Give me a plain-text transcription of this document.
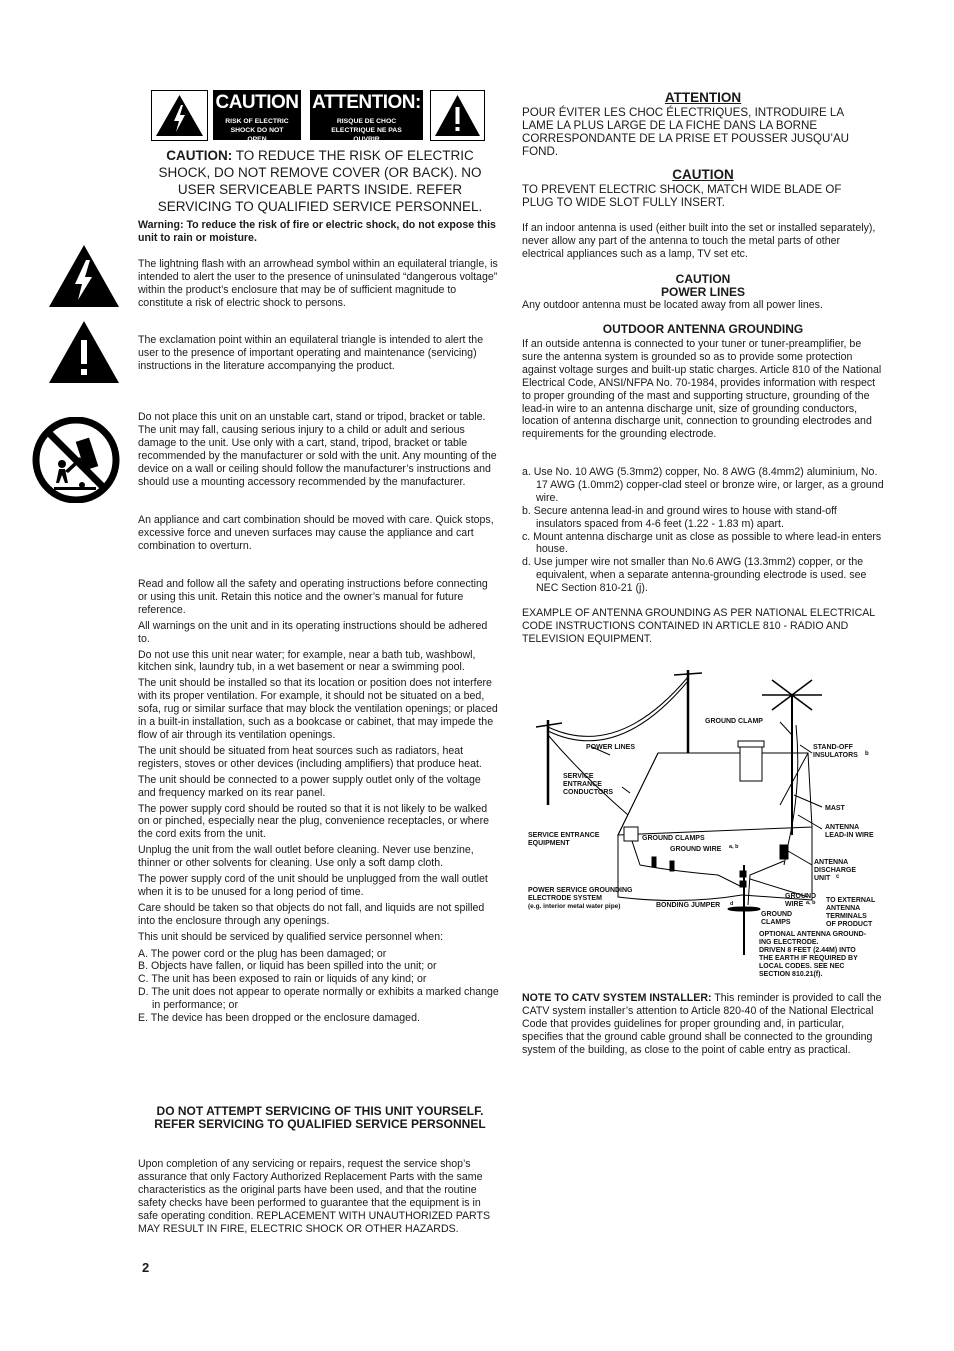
CAUTION
RISK OF ELECTRIC SHOCK DO NOT OPEN
ATTENTION:
RISQUE DE CHOC ELECTRIQUE NE PAS OUVRIR
CAUTION: TO REDUCE THE RISK OF ELECTRIC SHOCK, DO NOT REMOVE COVER (OR BACK). NO USER SERVICEABLE PARTS INSIDE. REFER SERVICING TO QUALIFIED SERVICE PERSONNEL.

Warning: To reduce the risk of fire or electric shock, do not expose this unit to rain or moisture.

The lightning flash with an arrowhead symbol within an equilateral triangle, is intended to alert the user to the presence of uninsulated “dangerous voltage” within the product’s enclosure that may be of sufficient magnitude to constitute a risk of electric shock to persons.

The exclamation point within an equilateral triangle is intended to alert the user to the presence of important operating and maintenance (servicing) instructions in the literature accompanying the product.

Do not place this unit on an unstable cart, stand or tripod, bracket or table. The unit may fall, causing serious injury to a child or adult and serious damage to the unit. Use only with a cart, stand, tripod, bracket or table recommended by the manufacturer or sold with the unit. Any mounting of the device on a wall or ceiling should follow the manufacturer’s instructions and should use a mounting accessory recommended by the manufacturer.

An appliance and cart combination should be moved with care. Quick stops, excessive force and uneven surfaces may cause the appliance and cart combination to overturn.

Read and follow all the safety and operating instructions before connecting or using this unit. Retain this notice and the owner’s manual for future reference.

All warnings on the unit and in its operating instructions should be adhered to.

Do not use this unit near water; for example, near a bath tub, washbowl, kitchen sink, laundry tub, in a wet basement or near a swimming pool.

The unit should be installed so that its location or position does not interfere with its proper ventilation. For example, it should not be situated on a bed, sofa, rug or similar surface that may block the ventilation openings; or placed in a built-in installation, such as a bookcase or cabinet, that may impede the flow of air through its ventilation openings.

The unit should be situated from heat sources such as radiators, heat registers, stoves or other devices (including amplifiers) that produce heat.

The unit should be connected to a power supply outlet only of the voltage and frequency marked on its rear panel.

The power supply cord should be routed so that it is not likely to be walked on or pinched, especially near the plug, convenience receptacles, or where the cord exits from the unit.

Unplug the unit from the wall outlet before cleaning. Never use benzine, thinner or other solvents for cleaning. Use only a soft damp cloth.

The power supply cord of the unit should be unplugged from the wall outlet when it is to be unused for a long period of time.

Care should be taken so that objects do not fall, and liquids are not spilled into the enclosure through any openings.

This unit should be serviced by qualified service personnel when:

A. The power cord or the plug has been damaged; or
B. Objects have fallen, or liquid has been spilled into the unit; or
C. The unit has been exposed to rain or liquids of any kind; or
D. The unit does not appear to operate normally or exhibits a marked change in performance; or
E. The device has been dropped or the enclosure damaged.
DO NOT ATTEMPT SERVICING OF THIS UNIT YOURSELF. REFER SERVICING TO QUALIFIED SERVICE PERSONNEL

Upon completion of any servicing or repairs, request the service shop’s assurance that only Factory Authorized Replacement Parts with the same characteristics as the original parts have been used, and that the routine safety checks have been performed to guarantee that the equipment is in safe operating condition. REPLACEMENT WITH UNAUTHORIZED PARTS MAY RESULT IN FIRE, ELECTRIC SHOCK OR OTHER HAZARDS.

2
ATTENTION

POUR ÉVITER LES CHOC ÉLECTRIQUES, INTRODUIRE LA LAME LA PLUS LARGE DE LA FICHE DANS LA BORNE CORRESPONDANTE DE LA PRISE ET POUSSER JUSQU’AU FOND.

CAUTION

TO PREVENT ELECTRIC SHOCK, MATCH WIDE BLADE OF PLUG TO WIDE SLOT FULLY INSERT.

If an indoor antenna is used (either built into the set or installed separately), never allow any part of the antenna to touch the metal parts of other electrical appliances such as a lamp, TV set etc.

CAUTION
POWER LINES

Any outdoor antenna must be located away from all power lines.

OUTDOOR ANTENNA GROUNDING

If an outside antenna is connected to your tuner or tuner-preamplifier, be sure the antenna system is grounded so as to provide some protection against voltage surges and built-up static charges. Article 810 of the National Electrical Code, ANSI/NFPA No. 70-1984, provides information with respect to proper grounding of the mast and supporting structure, grounding of the lead-in wire to an antenna discharge unit, size of grounding conductors, location of antenna discharge unit, connection to grounding electrodes and requirements for the grounding electrode.

a. Use No. 10 AWG (5.3mm2) copper, No. 8 AWG (8.4mm2) aluminium, No. 17 AWG (1.0mm2) copper-clad steel or bronze wire, or larger, as a ground wire.
b. Secure antenna lead-in and ground wires to house with stand-off insulators spaced from 4-6 feet (1.22 - 1.83 m) apart.
c. Mount antenna discharge unit as close as possible to where lead-in enters house.
d. Use jumper wire not smaller than No.6 AWG (13.3mm2) copper, or the equivalent, when a separate antenna-grounding electrode is used. see NEC Section 810-21 (j).

EXAMPLE OF ANTENNA GROUNDING AS PER NATIONAL ELECTRICAL CODE INSTRUCTIONS CONTAINED IN ARTICLE 810 - RADIO AND TELEVISION EQUIPMENT.

GROUND CLAMP
POWER LINES	STAND-OFF
INSULATORS b
SERVICE
ENTRANCE
CONDUCTORS
MAST
ANTENNA
LEAD-IN WIRE
SERVICE ENTRANCE
EQUIPMENT
GROUND CLAMPS
GROUND WIRE a, b
ANTENNA
DISCHARGE
UNIT c
POWER SERVICE GROUNDING
ELECTRODE SYSTEM
(e.g. interior metal water pipe)	BONDING JUMPER d
GROUND
WIRE a, b
GROUND
CLAMPS
TO EXTERNAL
ANTENNA
TERMINALS
OF PRODUCT
OPTIONAL ANTENNA GROUND-
ING ELECTRODE.
DRIVEN 8 FEET (2.44M) INTO
THE EARTH IF REQUIRED BY
LOCAL CODES. SEE NEC
SECTION 810.21(f).

NOTE TO CATV SYSTEM INSTALLER: This reminder is provided to call the CATV system installer’s attention to Article 820-40 of the National Electrical Code that provides guidelines for proper grounding and, in particular, specifies that the ground cable ground shall be connected to the grounding system of the building, as close to the point of cable entry as practical.
